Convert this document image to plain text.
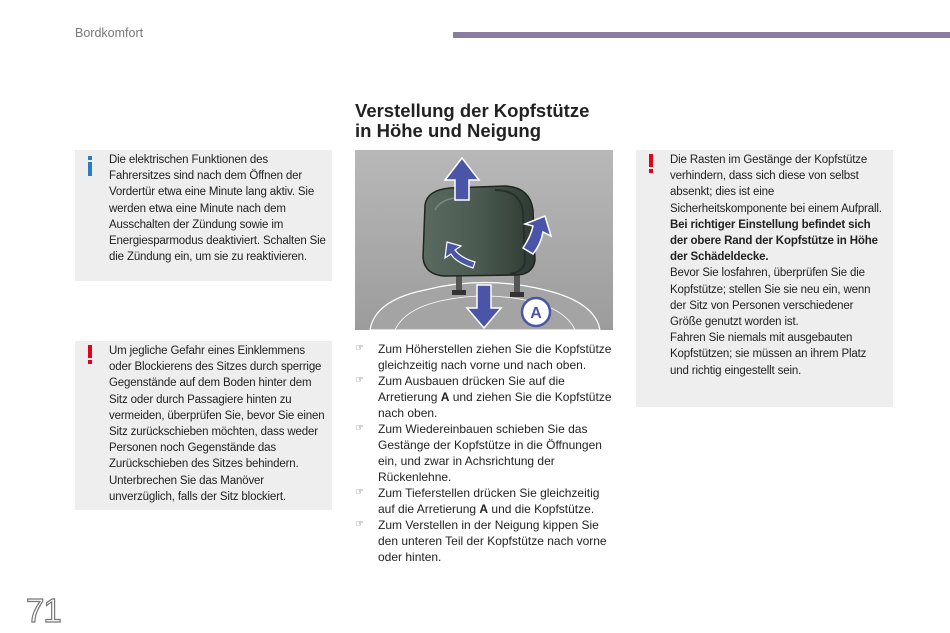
Bordkomfort
71

Die elektrischen Funktionen des Fahrersitzes sind nach dem Öffnen der Vordertür etwa eine Minute lang aktiv. Sie werden etwa eine Minute nach dem Ausschalten der Zündung sowie im Energiesparmodus deaktiviert. Schalten Sie die Zündung ein, um sie zu reaktivieren.

Um jegliche Gefahr eines Einklemmens oder Blockierens des Sitzes durch sperrige Gegenstände auf dem Boden hinter dem Sitz oder durch Passagiere hinten zu vermeiden, überprüfen Sie, bevor Sie einen Sitz zurückschieben möchten, dass weder Personen noch Gegenstände das Zurückschieben des Sitzes behindern. Unterbrechen Sie das Manöver unverzüglich, falls der Sitz blockiert.

Verstellung der Kopfstütze
in Höhe und Neigung
A
☞ Zum Höherstellen ziehen Sie die Kopfstütze gleichzeitig nach vorne und nach oben.
☞ Zum Ausbauen drücken Sie auf die Arretierung A und ziehen Sie die Kopfstütze nach oben.
☞ Zum Wiedereinbauen schieben Sie das Gestänge der Kopfstütze in die Öffnungen ein, und zwar in Achsrichtung der Rückenlehne.
☞ Zum Tieferstellen drücken Sie gleichzeitig auf die Arretierung A und die Kopfstütze.
☞ Zum Verstellen in der Neigung kippen Sie den unteren Teil der Kopfstütze nach vorne oder hinten.

Die Rasten im Gestänge der Kopfstütze verhindern, dass sich diese von selbst absenkt; dies ist eine Sicherheitskomponente bei einem Aufprall.

Bei richtiger Einstellung befindet sich der obere Rand der Kopfstütze in Höhe der Schädeldecke.

Bevor Sie losfahren, überprüfen Sie die Kopfstütze; stellen Sie sie neu ein, wenn der Sitz von Personen verschiedener Größe genutzt worden ist.

Fahren Sie niemals mit ausgebauten Kopfstützen; sie müssen an ihrem Platz und richtig eingestellt sein.
